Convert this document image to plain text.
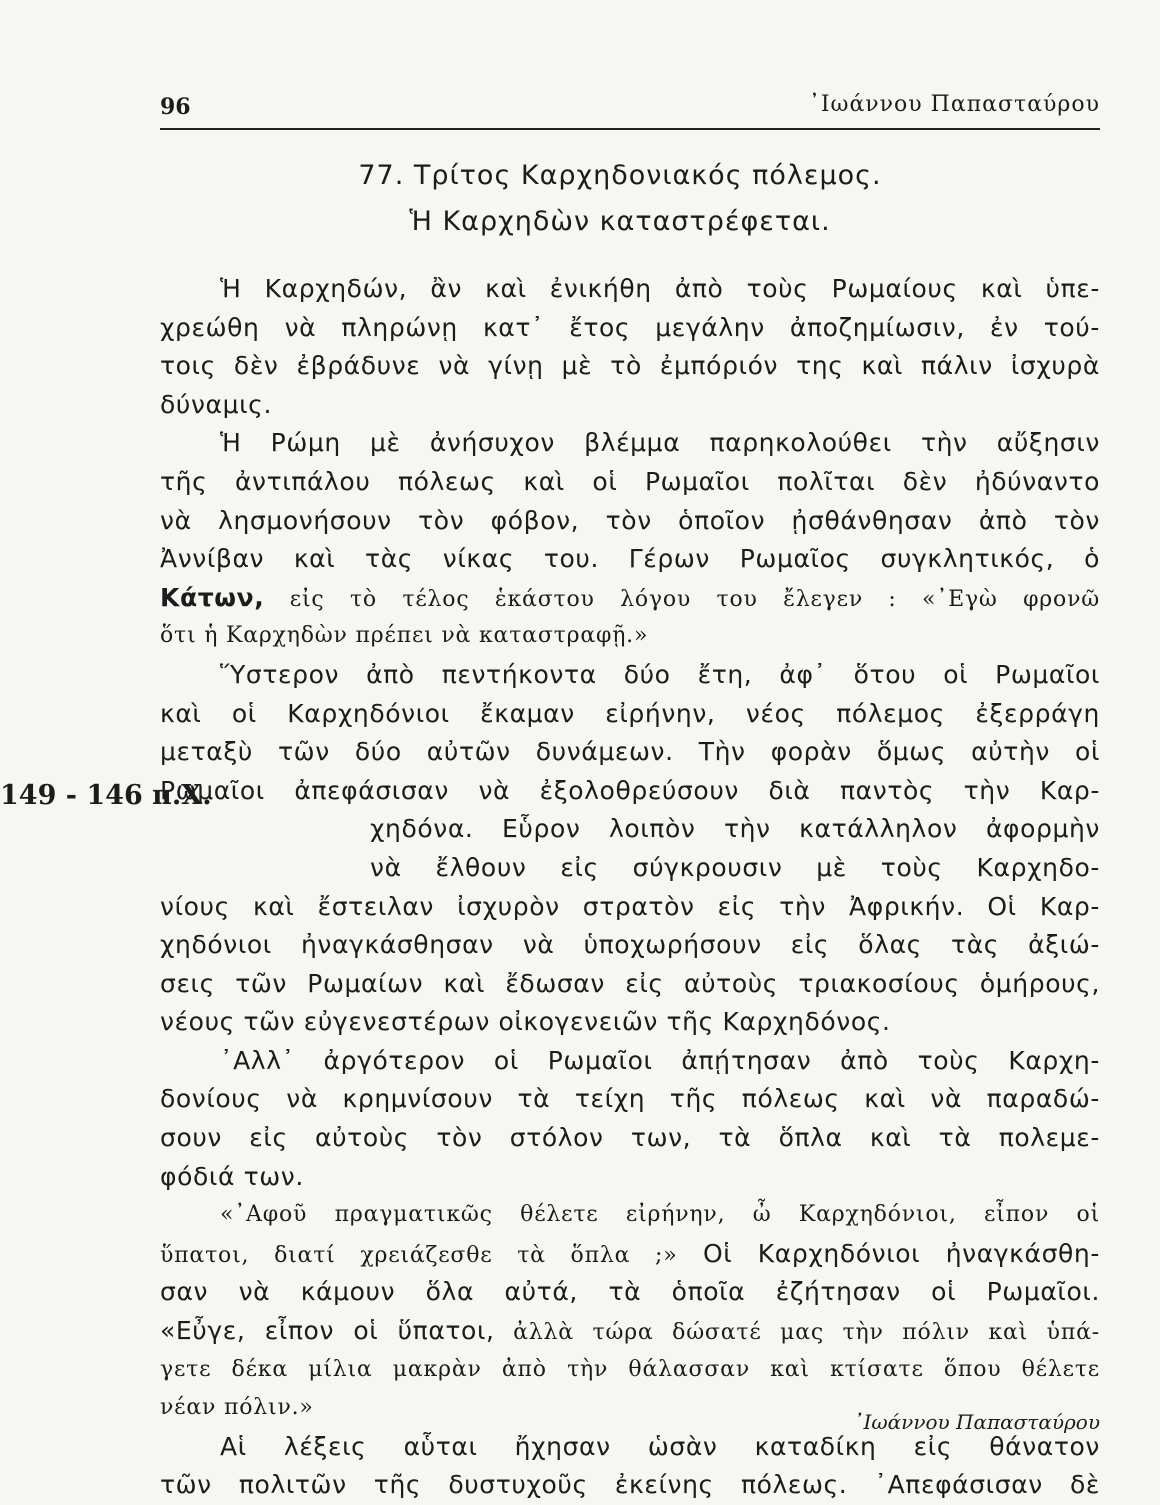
96	᾿Ιωάννου Παπασταύρου
77. Τρίτος Καρχηδονιακός πόλεμος.
Ἡ Καρχηδὼν καταστρέφεται.
149 - 146 π.Χ.
Ἡ Καρχηδών, ἂν καὶ ἐνικήθη ἀπὸ τοὺς Ρωμαίους καὶ ὑπε-
χρεώθη νὰ πληρώνῃ κατ᾿ ἔτος μεγάλην ἀποζημίωσιν, ἐν τού-
τοις δὲν ἐβράδυνε νὰ γίνῃ μὲ τὸ ἐμπόριόν της καὶ πάλιν ἰσχυρὰ
δύναμις.
Ἡ Ρώμη μὲ ἀνήσυχον βλέμμα παρηκολούθει τὴν αὔξησιν
τῆς ἀντιπάλου πόλεως καὶ οἱ Ρωμαῖοι πολῖται δὲν ἠδύναντο
νὰ λησμονήσουν τὸν φόβον, τὸν ὁποῖον ᾐσθάνθησαν ἀπὸ τὸν
Ἀννίβαν καὶ τὰς νίκας του. Γέρων Ρωμαῖος συγκλητικός, ὁ
Κάτων, εἰς τὸ τέλος ἑκάστου λόγου του ἔλεγεν : «᾿Εγὼ φρονῶ
ὅτι ἡ Καρχηδὼν πρέπει νὰ καταστραφῇ.»
Ὕστερον ἀπὸ πεντήκοντα δύο ἔτη, ἀφ᾿ ὅτου οἱ Ρωμαῖοι
καὶ οἱ Καρχηδόνιοι ἔκαμαν εἰρήνην, νέος πόλεμος ἐξερράγη
μεταξὺ τῶν δύο αὐτῶν δυνάμεων. Τὴν φορὰν ὅμως αὐτὴν οἱ
Ρωμαῖοι ἀπεφάσισαν νὰ ἐξολοθρεύσουν διὰ παντὸς τὴν Καρ-
χηδόνα. Εὗρον λοιπὸν τὴν κατάλληλον ἀφορμὴν
νὰ ἔλθουν εἰς σύγκρουσιν μὲ τοὺς Καρχηδο-
νίους καὶ ἔστειλαν ἰσχυρὸν στρατὸν εἰς τὴν Ἀφρικήν. Οἱ Καρ-
χηδόνιοι ἠναγκάσθησαν νὰ ὑποχωρήσουν εἰς ὅλας τὰς ἀξιώ-
σεις τῶν Ρωμαίων καὶ ἔδωσαν εἰς αὐτοὺς τριακοσίους ὁμήρους,
νέους τῶν εὐγενεστέρων οἰκογενειῶν τῆς Καρχηδόνος.
᾿Αλλ᾿ ἀργότερον οἱ Ρωμαῖοι ἀπῄτησαν ἀπὸ τοὺς Καρχη-
δονίους νὰ κρημνίσουν τὰ τείχη τῆς πόλεως καὶ νὰ παραδώ-
σουν εἰς αὐτοὺς τὸν στόλον των, τὰ ὅπλα καὶ τὰ πολεμε-
φόδιά των.
«᾿Αφοῦ πραγματικῶς θέλετε εἰρήνην, ὦ Καρχηδόνιοι, εἶπον οἱ
ὕπατοι, διατί χρειάζεσθε τὰ ὅπλα ;» Οἱ Καρχηδόνιοι ἠναγκάσθη-
σαν νὰ κάμουν ὅλα αὐτά, τὰ ὁποῖα ἐζήτησαν οἱ Ρωμαῖοι.
«Εὖγε, εἶπον οἱ ὕπατοι, ἀλλὰ τώρα δώσατέ μας τὴν πόλιν καὶ ὑπά-
γετε δέκα μίλια μακρὰν ἀπὸ τὴν θάλασσαν καὶ κτίσατε ὅπου θέλετε
νέαν πόλιν.»
Αἱ λέξεις αὗται ἤχησαν ὡσὰν καταδίκη εἰς θάνατον
τῶν πολιτῶν τῆς δυστυχοῦς ἐκείνης πόλεως. ᾿Απεφάσισαν δὲ
᾿Ιωάννου Παπασταύρου
